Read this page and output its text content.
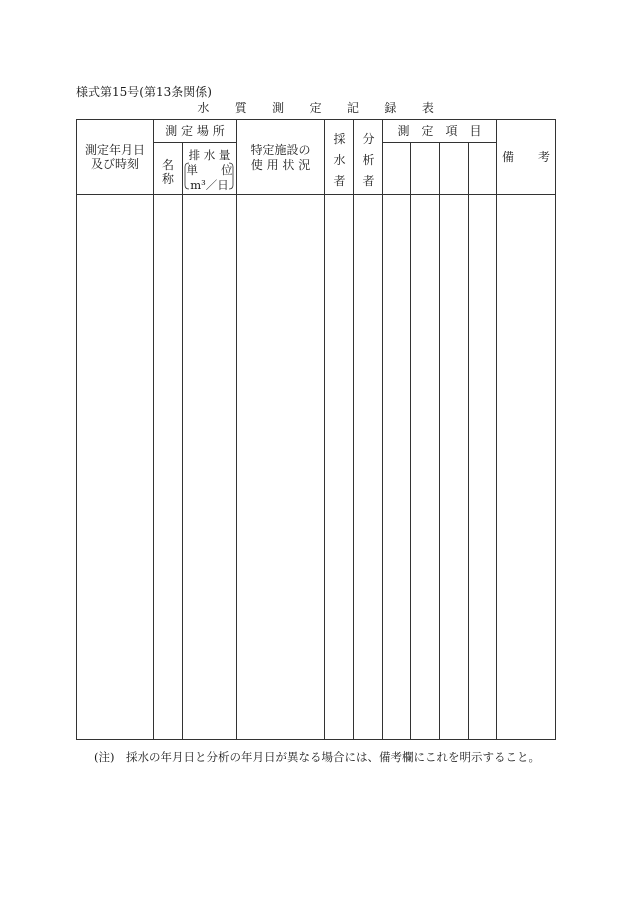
様式第15号(第13条関係)
水 質 測 定 記 録 表
測定年月日
及び時刻
測 定 場 所
名
称
排 水 量
単　　位
m³／日
特定施設の
使 用 状 況
採
水
者
分
析
者
測　定　項　目
備　　考
(注)　採水の年月日と分析の年月日が異なる場合には、備考欄にこれを明示すること。
